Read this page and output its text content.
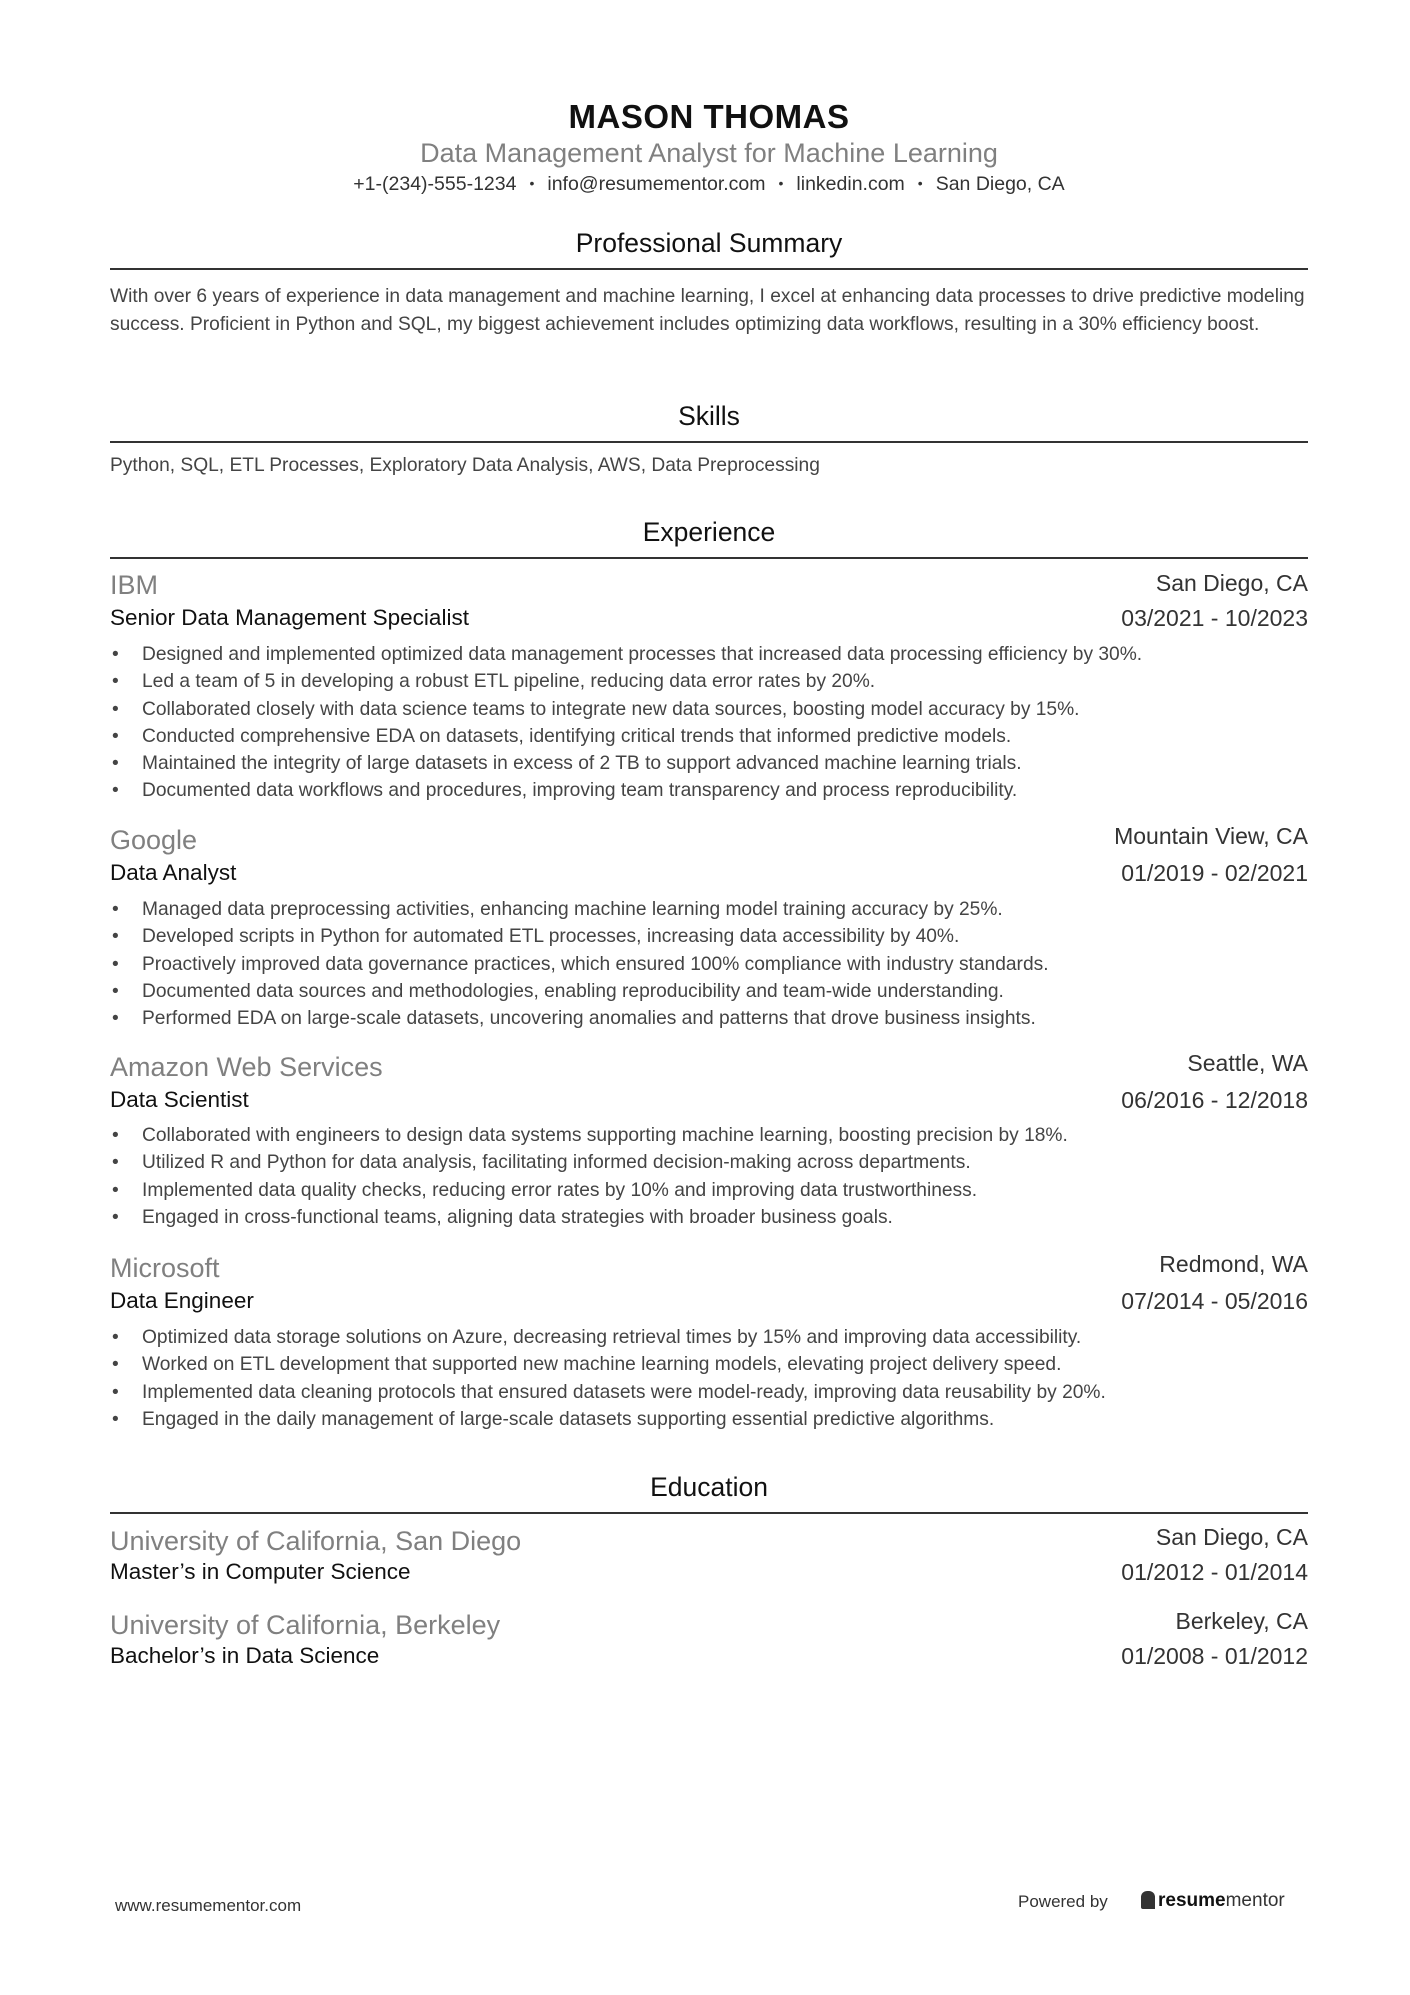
MASON THOMAS
Data Management Analyst for Machine Learning
+1-(234)-555-1234 • info@resumementor.com • linkedin.com • San Diego, CA
Professional Summary
With over 6 years of experience in data management and machine learning, I excel at enhancing data processes to drive predictive modeling success. Proficient in Python and SQL, my biggest achievement includes optimizing data workflows, resulting in a 30% efficiency boost.
Skills
Python, SQL, ETL Processes, Exploratory Data Analysis, AWS, Data Preprocessing
Experience
IBM	San Diego, CA
Senior Data Management Specialist	03/2021 - 10/2023
• Designed and implemented optimized data management processes that increased data processing efficiency by 30%.
• Led a team of 5 in developing a robust ETL pipeline, reducing data error rates by 20%.
• Collaborated closely with data science teams to integrate new data sources, boosting model accuracy by 15%.
• Conducted comprehensive EDA on datasets, identifying critical trends that informed predictive models.
• Maintained the integrity of large datasets in excess of 2 TB to support advanced machine learning trials.
• Documented data workflows and procedures, improving team transparency and process reproducibility.
Google	Mountain View, CA
Data Analyst	01/2019 - 02/2021
• Managed data preprocessing activities, enhancing machine learning model training accuracy by 25%.
• Developed scripts in Python for automated ETL processes, increasing data accessibility by 40%.
• Proactively improved data governance practices, which ensured 100% compliance with industry standards.
• Documented data sources and methodologies, enabling reproducibility and team-wide understanding.
• Performed EDA on large-scale datasets, uncovering anomalies and patterns that drove business insights.
Amazon Web Services	Seattle, WA
Data Scientist	06/2016 - 12/2018
• Collaborated with engineers to design data systems supporting machine learning, boosting precision by 18%.
• Utilized R and Python for data analysis, facilitating informed decision-making across departments.
• Implemented data quality checks, reducing error rates by 10% and improving data trustworthiness.
• Engaged in cross-functional teams, aligning data strategies with broader business goals.
Microsoft	Redmond, WA
Data Engineer	07/2014 - 05/2016
• Optimized data storage solutions on Azure, decreasing retrieval times by 15% and improving data accessibility.
• Worked on ETL development that supported new machine learning models, elevating project delivery speed.
• Implemented data cleaning protocols that ensured datasets were model-ready, improving data reusability by 20%.
• Engaged in the daily management of large-scale datasets supporting essential predictive algorithms.
Education
University of California, San Diego	San Diego, CA
Master’s in Computer Science	01/2012 - 01/2014
University of California, Berkeley	Berkeley, CA
Bachelor’s in Data Science	01/2008 - 01/2012
www.resumementor.com	Powered by	resumementor
